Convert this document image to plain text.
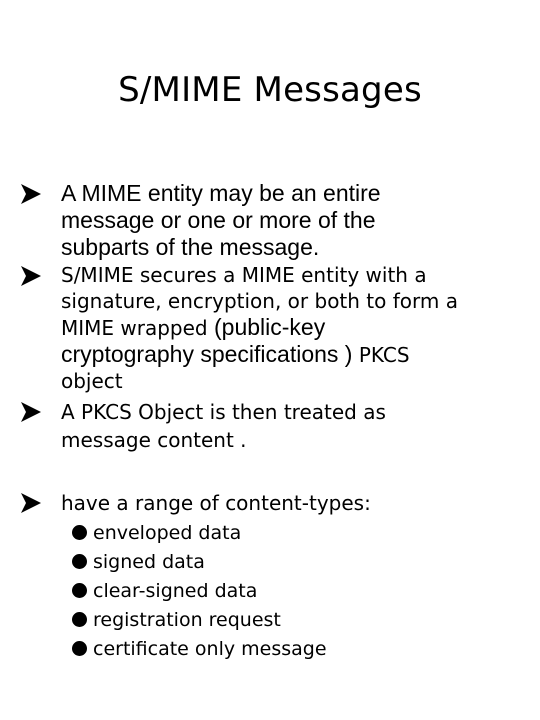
S/MIME Messages
A MIME entity may be an entire
message or one or more of the
subparts of the message.
S/MIME secures a MIME entity with a
signature, encryption, or both to form a
MIME wrapped (public-key
cryptography specifications ) PKCS
object
A PKCS Object is then treated as
message content .
have a range of content-types:
enveloped data
signed data
clear-signed data
registration request
certificate only message
